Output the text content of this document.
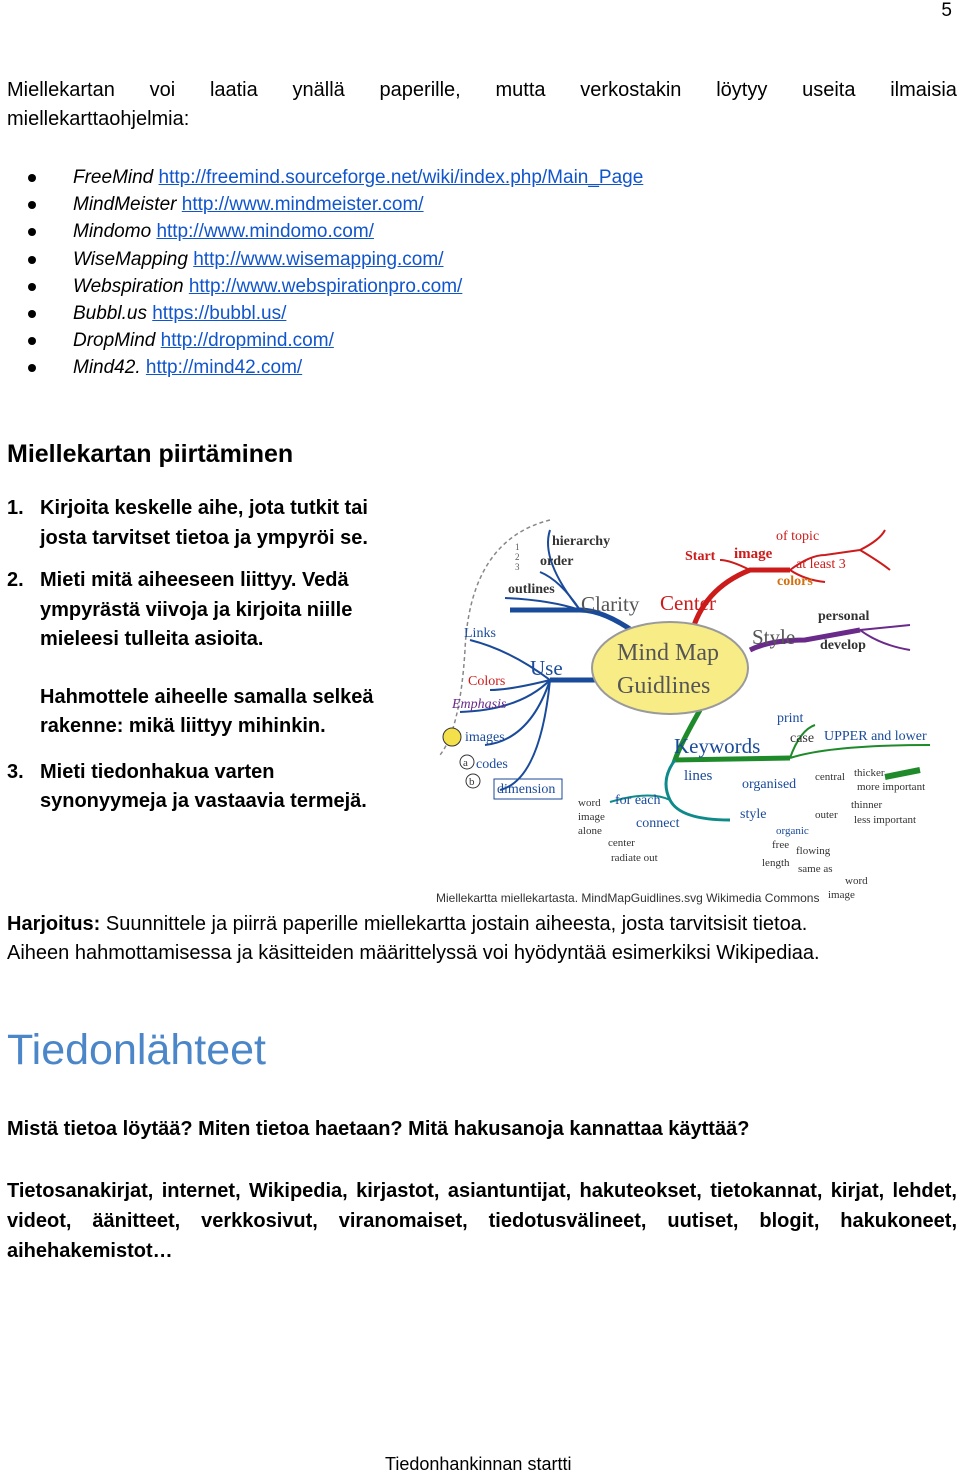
5
Miellekartan voi laatia ynällä paperille, mutta verkostakin löytyy useita ilmaisia
miellekarttaohjelmia:
FreeMind http://freemind.sourceforge.net/wiki/index.php/Main_Page
MindMeister http://www.mindmeister.com/
Mindomo http://www.mindomo.com/
WiseMapping http://www.wisemapping.com/
Webspiration http://www.webspirationpro.com/
Bubbl.us https://bubbl.us/
DropMind http://dropmind.com/
Mind42. http://mind42.com/
Miellekartan piirtäminen
1. Kirjoita keskelle aihe, jota tutkit tai
josta tarvitset tietoa ja ympyröi se.
2. Mieti mitä aiheeseen liittyy. Vedä
ympyrästä viivoja ja kirjoita niille
mieleesi tulleita asioita.
Hahmottele aiheelle samalla selkeä
rakenne: mikä liittyy mihinkin.
3. Mieti tiedonhakua varten
synonyymeja ja vastaavia termejä.
Mind Map
Guidlines
Clarity Center
Style
Keywords
Use
hierarchy
order
outlines
1
2
3
Start image
colors
of topic
at least 3
personal
develop
Links
Colors
Emphasis
images
a codes
b dimension
print
case UPPER and lower
lines
organised central
outer
thicker
more important
thinner
less important
word
image
alone
for each
connect
style
organic
free flowing
length same as
word
image
center
radiate out
Miellekartta miellekartasta. MindMapGuidlines.svg Wikimedia Commons
Harjoitus: Suunnittele ja piirrä paperille miellekartta jostain aiheesta, josta tarvitsisit tietoa.
Aiheen hahmottamisessa ja käsitteiden määrittelyssä voi hyödyntää esimerkiksi Wikipediaa.
Tiedonlähteet
Mistä tietoa löytää? Miten tietoa haetaan? Mitä hakusanoja kannattaa käyttää?
Tietosanakirjat, internet, Wikipedia, kirjastot, asiantuntijat, hakuteokset, tietokannat, kirjat, lehdet, videot, äänitteet, verkkosivut, viranomaiset, tiedotusvälineet, uutiset, blogit, hakukoneet, aihehakemistot…
Tiedonhankinnan startti
